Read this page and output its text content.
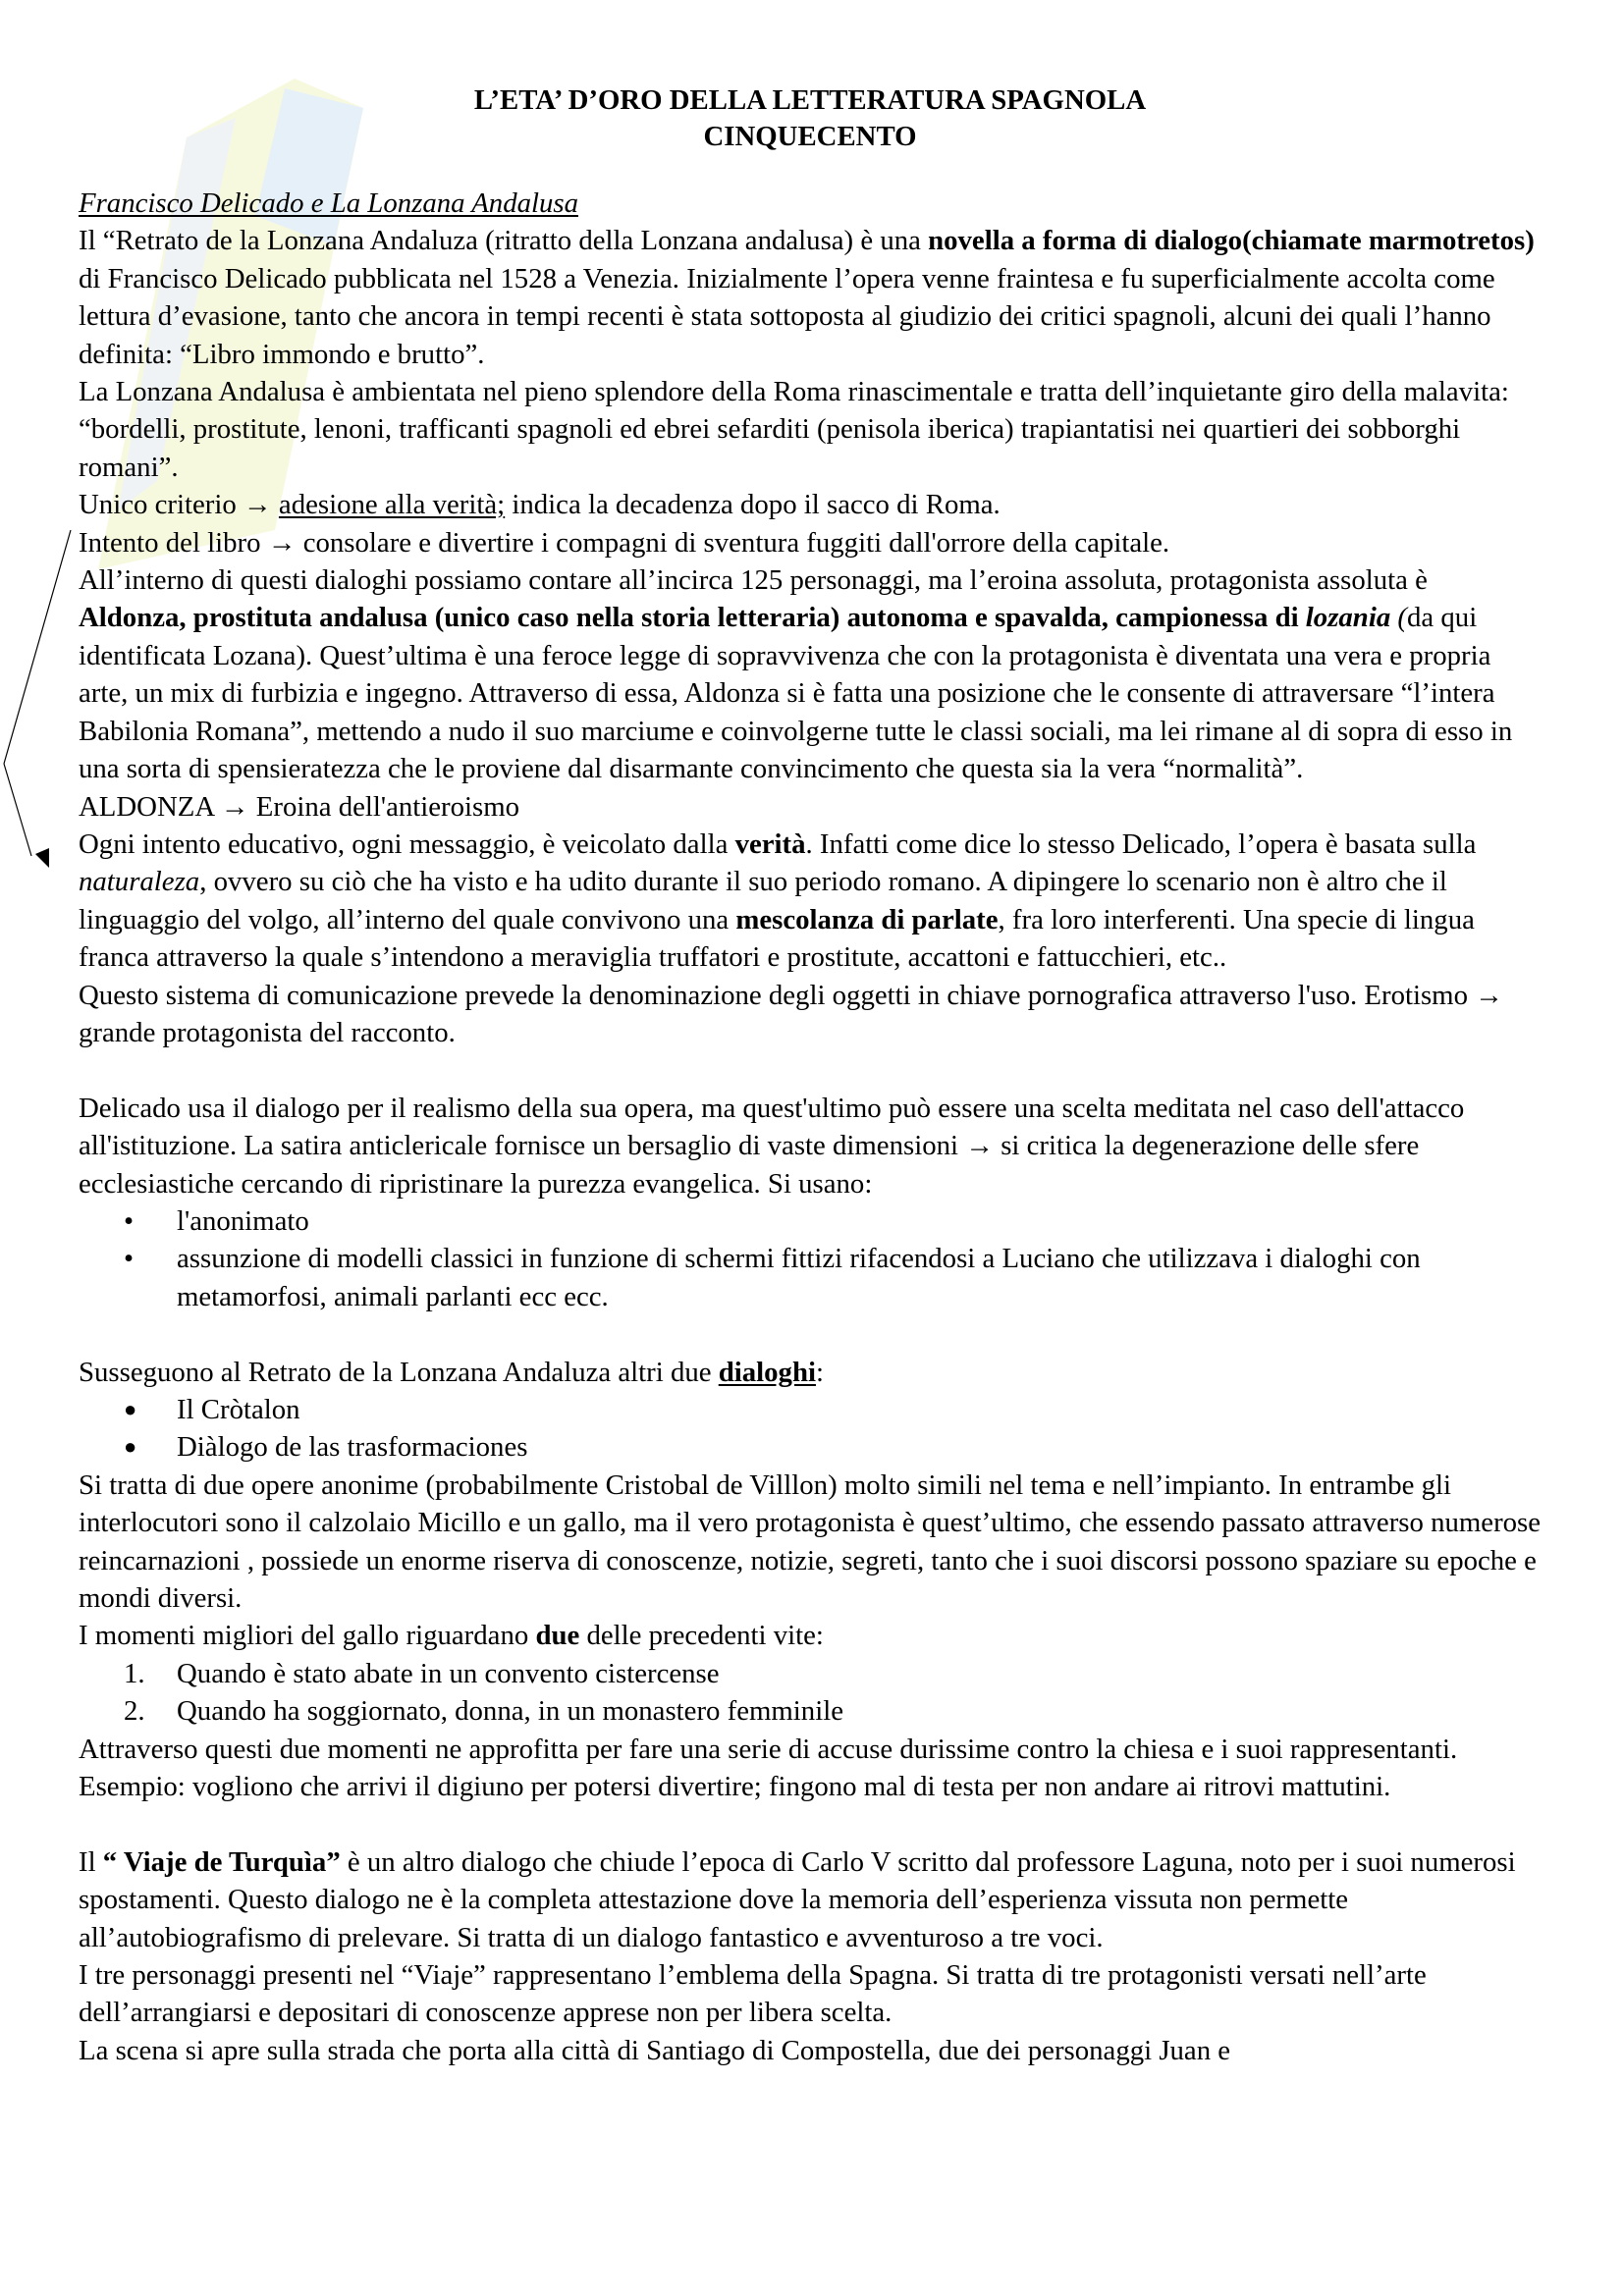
L’ETA’ D’ORO DELLA LETTERATURA SPAGNOLA
CINQUECENTO

Francisco Delicado e La Lonzana Andalusa

Il “Retrato de la Lonzana Andaluza (ritratto della Lonzana andalusa) è una novella a forma di dialogo(chiamate marmotretos) di Francisco Delicado pubblicata nel 1528 a Venezia. Inizialmente l’opera venne fraintesa e fu superficialmente accolta come lettura d’evasione, tanto che ancora in tempi recenti è stata sottoposta al giudizio dei critici spagnoli, alcuni dei quali l’hanno definita: “Libro immondo e brutto”.

La Lonzana Andalusa è ambientata nel pieno splendore della Roma rinascimentale e tratta dell’inquietante giro della malavita: “bordelli, prostitute, lenoni, trafficanti spagnoli ed ebrei sefarditi (penisola iberica) trapiantatisi nei quartieri dei sobborghi romani”.

Unico criterio → adesione alla verità; indica la decadenza dopo il sacco di Roma.

Intento del libro → consolare e divertire i compagni di sventura fuggiti dall'orrore della capitale.

All’interno di questi dialoghi possiamo contare all’incirca 125 personaggi, ma l’eroina assoluta, protagonista assoluta è Aldonza, prostituta andalusa (unico caso nella storia letteraria) autonoma e spavalda, campionessa di lozania (da qui identificata Lozana). Quest’ultima è una feroce legge di sopravvivenza che con la protagonista è diventata una vera e propria arte, un mix di furbizia e ingegno. Attraverso di essa, Aldonza si è fatta una posizione che le consente di attraversare “l’intera Babilonia Romana”, mettendo a nudo il suo marciume e coinvolgerne tutte le classi sociali, ma lei rimane al di sopra di esso in una sorta di spensieratezza che le proviene dal disarmante convincimento che questa sia la vera “normalità”.

ALDONZA → Eroina dell'antieroismo

Ogni intento educativo, ogni messaggio, è veicolato dalla verità. Infatti come dice lo stesso Delicado, l’opera è basata sulla naturaleza, ovvero su ciò che ha visto e ha udito durante il suo periodo romano. A dipingere lo scenario non è altro che il linguaggio del volgo, all’interno del quale convivono una mescolanza di parlate, fra loro interferenti. Una specie di lingua franca attraverso la quale s’intendono a meraviglia truffatori e prostitute, accattoni e fattucchieri, etc..

Questo sistema di comunicazione prevede la denominazione degli oggetti in chiave pornografica attraverso l'uso. Erotismo → grande protagonista del racconto.

Delicado usa il dialogo per il realismo della sua opera, ma quest'ultimo può essere una scelta meditata nel caso dell'attacco all'istituzione. La satira anticlericale fornisce un bersaglio di vaste dimensioni → si critica la degenerazione delle sfere ecclesiastiche cercando di ripristinare la purezza evangelica. Si usano:

• l'anonimato
• assunzione di modelli classici in funzione di schermi fittizi rifacendosi a Luciano che utilizzava i dialoghi con metamorfosi, animali parlanti ecc ecc.

Susseguono al Retrato de la Lonzana Andaluza altri due dialoghi:

● Il Cròtalon
● Diàlogo de las trasformaciones

Si tratta di due opere anonime (probabilmente Cristobal de Villlon) molto simili nel tema e nell’impianto. In entrambe gli interlocutori sono il calzolaio Micillo e un gallo, ma il vero protagonista è quest’ultimo, che essendo passato attraverso numerose reincarnazioni , possiede un enorme riserva di conoscenze, notizie, segreti, tanto che i suoi discorsi possono spaziare su epoche e mondi diversi.

I momenti migliori del gallo riguardano due delle precedenti vite:

1. Quando è stato abate in un convento cistercense
2. Quando ha soggiornato, donna, in un monastero femminile

Attraverso questi due momenti ne approfitta per fare una serie di accuse durissime contro la chiesa e i suoi rappresentanti. Esempio: vogliono che arrivi il digiuno per potersi divertire; fingono mal di testa per non andare ai ritrovi mattutini.

Il “ Viaje de Turquìa” è un altro dialogo che chiude l’epoca di Carlo V scritto dal professore Laguna, noto per i suoi numerosi spostamenti. Questo dialogo ne è la completa attestazione dove la memoria dell’esperienza vissuta non permette all’autobiografismo di prelevare. Si tratta di un dialogo fantastico e avventuroso a tre voci.

I tre personaggi presenti nel “Viaje” rappresentano l’emblema della Spagna. Si tratta di tre protagonisti versati nell’arte dell’arrangiarsi e depositari di conoscenze apprese non per libera scelta.

La scena si apre sulla strada che porta alla città di Santiago di Compostella, due dei personaggi Juan e
